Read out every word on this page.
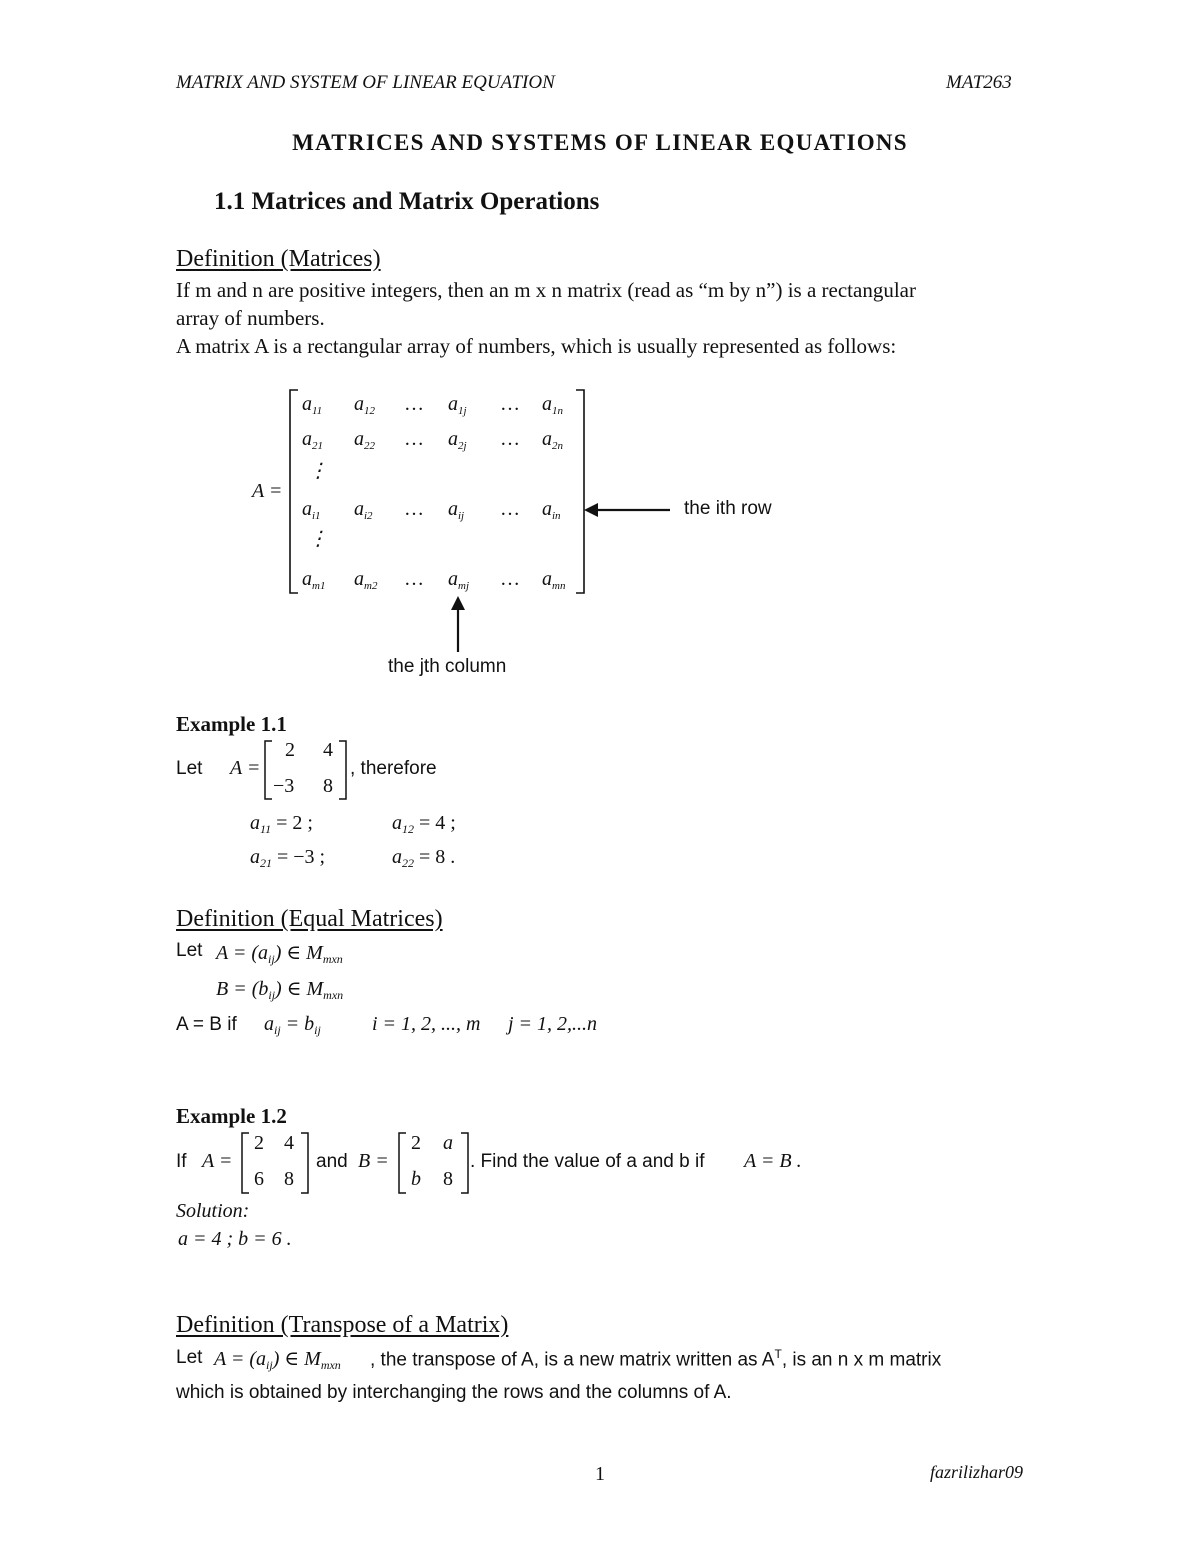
MATRIX AND SYSTEM OF LINEAR EQUATION	MAT263
MATRICES AND SYSTEMS OF LINEAR EQUATIONS
1.1 Matrices and Matrix Operations
Definition (Matrices)
If m and n are positive integers, then an m x n matrix (read as “m by n”) is a rectangular
array of numbers.
A matrix A is a rectangular array of numbers, which is usually represented as follows:
A =
$a_{11}$ $a_{12}$ … $a_{1j}$ … $a_{1n}$
$a_{21}$ $a_{22}$ … $a_{2j}$ … $a_{2n}$
$a_{i1}$ $a_{i2}$ … $a_{ij}$ … $a_{in}$
$a_{m1}$ $a_{m2}$ … $a_{mj}$ … $a_{mn}$
⋮
⋮
the ith row
the jth column
Example 1.1
Let A =
2 4
−3 8
, therefore
$a_{11} = 2$ ;	$a_{12} = 4$ ;
$a_{21} = -3$ ;	$a_{22} = 8$ .
Definition (Equal Matrices)
Let $A = (a_{ij})$ ∈ $M_{mxn}$
$B = (b_{ij})$ ∈ $M_{mxn}$
A = B if $a_{ij} = b_{ij}$	i = 1, 2, ..., m j = 1, 2,...n
Example 1.2
If A =
2 4
6 8
and B =
2 a
b 8
. Find the value of a and b if A = B .
Solution:
a = 4 ; b = 6 .
Definition (Transpose of a Matrix)
Let $A = (a_{ij})$ ∈ $M_{mxn}$ , the transpose of A, is a new matrix written as $A^T$, is an n x m matrix
which is obtained by interchanging the rows and the columns of A.
1	fazrilizhar09
